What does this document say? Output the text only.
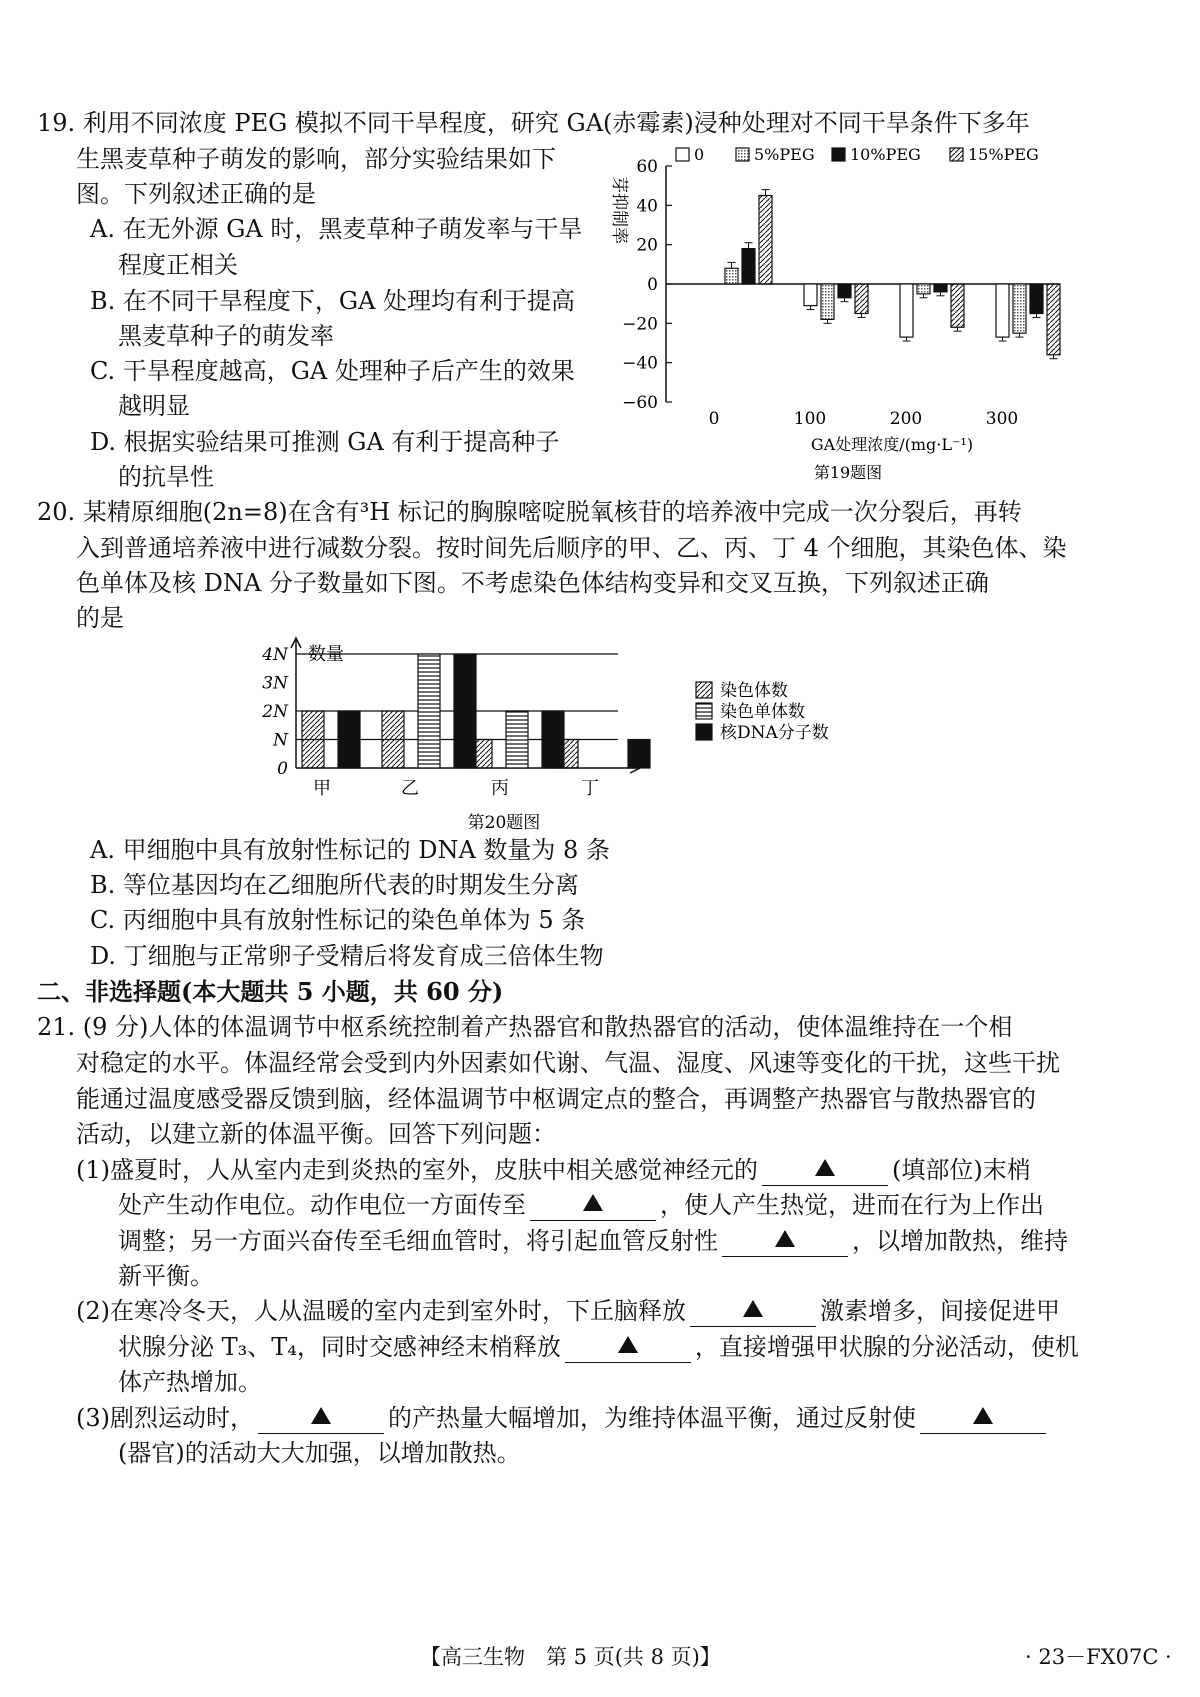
19. 利用不同浓度 PEG 模拟不同干旱程度，研究 GA(赤霉素)浸种处理对不同干旱条件下多年
生黑麦草种子萌发的影响，部分实验结果如下
图。下列叙述正确的是
A. 在无外源 GA 时，黑麦草种子萌发率与干旱
程度正相关
B. 在不同干旱程度下，GA 处理均有利于提高
黑麦草种子的萌发率
C. 干旱程度越高，GA 处理种子后产生的效果
越明显
D. 根据实验结果可推测 GA 有利于提高种子
的抗旱性
60
40
20
0
−20
−40
−60
芽抑制率
0	100	200	300
GA处理浓度/(mg·L⁻¹)
第19题图
0	5%PEG 10%PEG	15%PEG
20. 某精原细胞(2n=8)在含有³H 标记的胸腺嘧啶脱氧核苷的培养液中完成一次分裂后，再转
入到普通培养液中进行减数分裂。按时间先后顺序的甲、乙、丙、丁 4 个细胞，其染色体、染
色单体及核 DNA 分子数量如下图。不考虑染色体结构变异和交叉互换，下列叙述正确
的是
数量
4N
3N
2N
N
0
甲	乙	丙	丁
第20题图
染色体数
染色单体数
核DNA分子数
A. 甲细胞中具有放射性标记的 DNA 数量为 8 条
B. 等位基因均在乙细胞所代表的时期发生分离
C. 丙细胞中具有放射性标记的染色单体为 5 条
D. 丁细胞与正常卵子受精后将发育成三倍体生物
二、非选择题(本大题共 5 小题，共 60 分)
21. (9 分)人体的体温调节中枢系统控制着产热器官和散热器官的活动，使体温维持在一个相
对稳定的水平。体温经常会受到内外因素如代谢、气温、湿度、风速等变化的干扰，这些干扰
能通过温度感受器反馈到脑，经体温调节中枢调定点的整合，再调整产热器官与散热器官的
活动，以建立新的体温平衡。回答下列问题：
(1)盛夏时，人从室内走到炎热的室外，皮肤中相关感觉神经元的	(填部位)末梢
处产生动作电位。动作电位一方面传至	，使人产生热觉，进而在行为上作出
调整；另一方面兴奋传至毛细血管时，将引起血管反射性	，以增加散热，维持
新平衡。
(2)在寒冷冬天，人从温暖的室内走到室外时，下丘脑释放	激素增多，间接促进甲
状腺分泌 T₃、T₄，同时交感神经末梢释放	，直接增强甲状腺的分泌活动，使机
体产热增加。
(3)剧烈运动时，	的产热量大幅增加，为维持体温平衡，通过反射使
(器官)的活动大大加强，以增加散热。
【高三生物　第 5 页(共 8 页)】	· 23－FX07C ·
